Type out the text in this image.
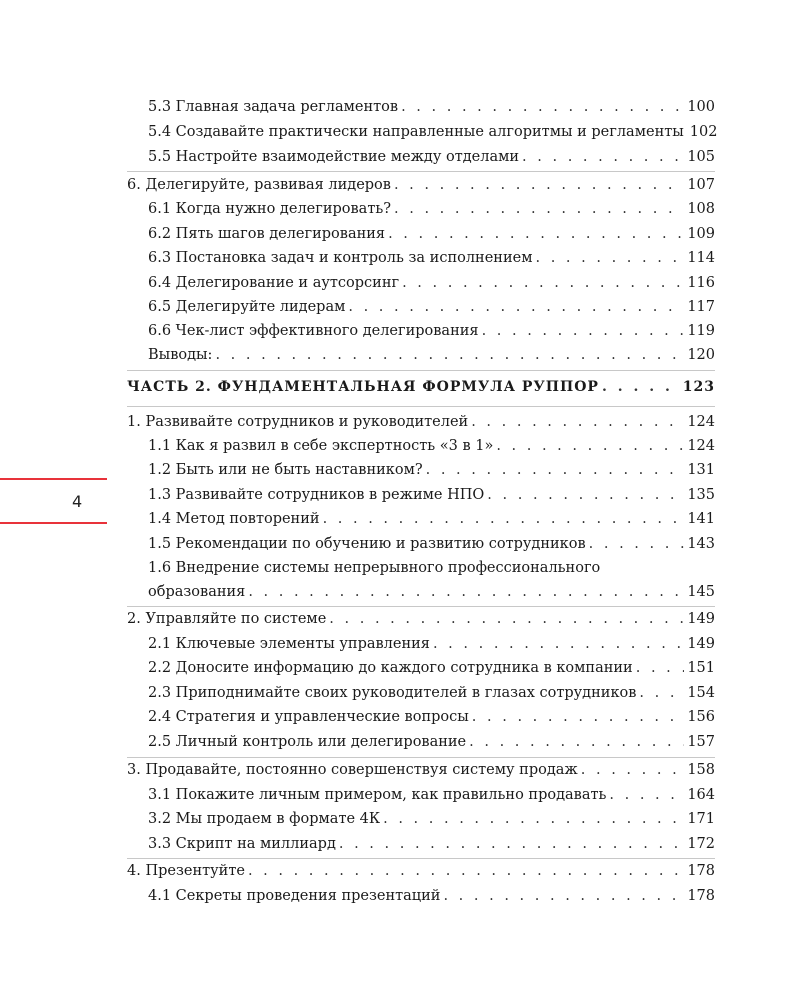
5.3 Главная задача регламентов . . .	100
5.4 Создавайте практически направленные алгоритмы и регламенты 102
5.5 Настройте взаимодействие между отделами . . .	105
6. Делегируйте, развивая лидеров . . .	107
6.1 Когда нужно делегировать? . . .	108
6.2 Пять шагов делегирования . . .	109
6.3 Постановка задач и контроль за исполнением . . .	114
6.4 Делегирование и аутсорсинг . . .	116
6.5 Делегируйте лидерам . . .	117
6.6 Чек-лист эффективного делегирования . . .	119
Выводы: . . .	120
ЧАСТЬ 2. ФУНДАМЕНТАЛЬНАЯ ФОРМУЛА РУППОР . . .	123
1. Развивайте сотрудников и руководителей . . .	124
1.1 Как я развил в себе экспертность «3 в 1» . . .	124
1.2 Быть или не быть наставником? . . .	131
1.3 Развивайте сотрудников в режиме НПО . . .	135
1.4 Метод повторений . . .	141
1.5 Рекомендации по обучению и развитию сотрудников . . .	143
1.6 Внедрение системы непрерывного профессионального
образования . . .	145
2. Управляйте по системе . . .	149
2.1 Ключевые элементы управления . . .	149
2.2 Доносите информацию до каждого сотрудника в компании . . .	151
2.3 Приподнимайте своих руководителей в глазах сотрудников . . .	154
2.4 Стратегия и управленческие вопросы . . .	156
2.5 Личный контроль или делегирование . . .	157
3. Продавайте, постоянно совершенствуя систему продаж . . .	158
3.1 Покажите личным примером, как правильно продавать . . .	164
3.2 Мы продаем в формате 4К . . .	171
3.3 Скрипт на миллиард . . .	172
4. Презентуйте . . .	178
4.1 Секреты проведения презентаций . . .	178
4
